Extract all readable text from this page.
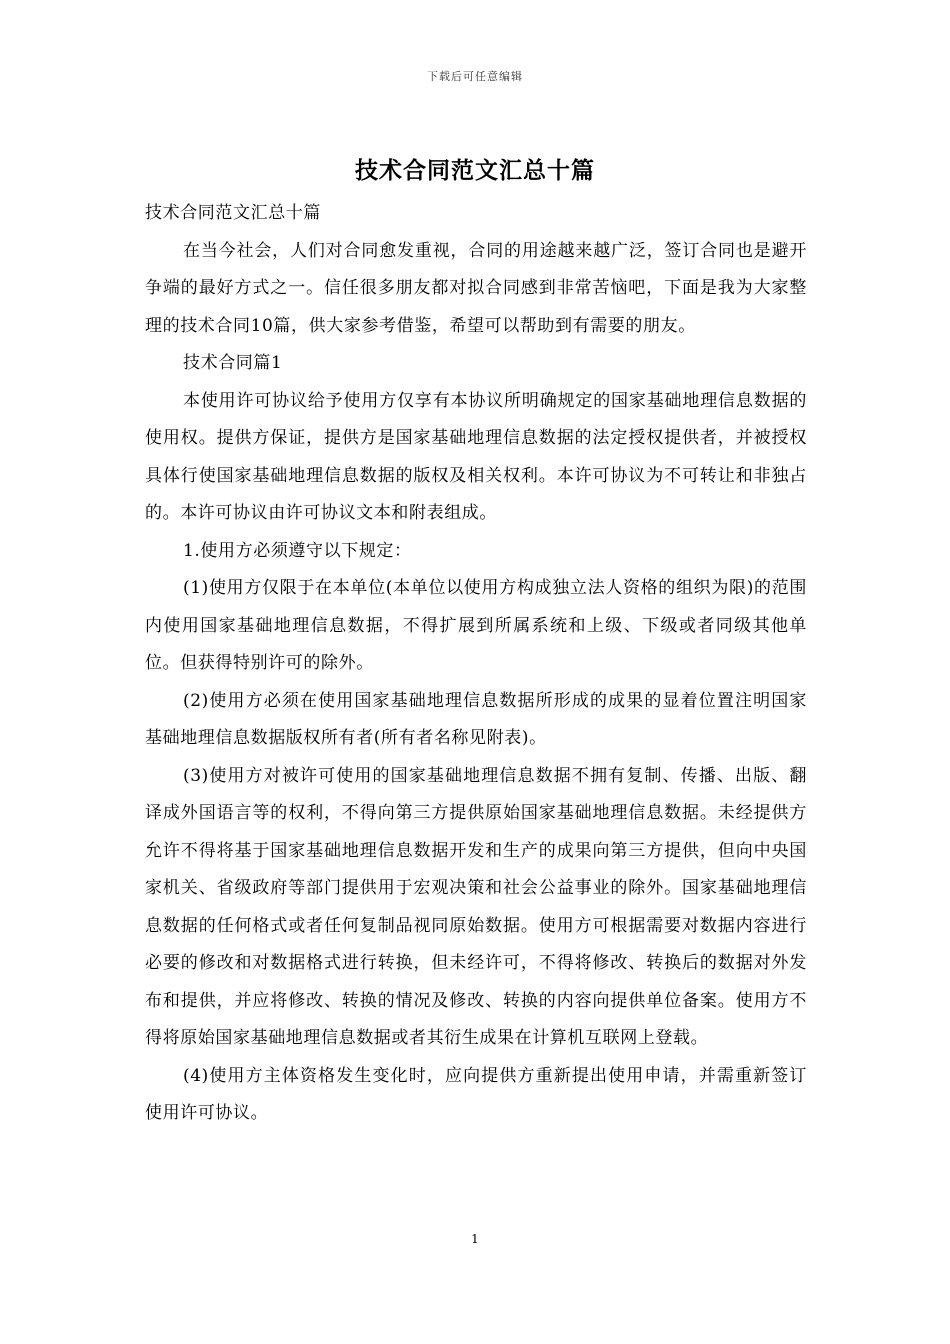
下载后可任意编辑
技术合同范文汇总十篇

技术合同范文汇总十篇

在当今社会，人们对合同愈发重视，合同的用途越来越广泛，签订合同也是避开争端的最好方式之一。信任很多朋友都对拟合同感到非常苦恼吧，下面是我为大家整理的技术合同10篇，供大家参考借鉴，希望可以帮助到有需要的朋友。

技术合同篇1

本使用许可协议给予使用方仅享有本协议所明确规定的国家基础地理信息数据的使用权。提供方保证，提供方是国家基础地理信息数据的法定授权提供者，并被授权具体行使国家基础地理信息数据的版权及相关权利。本许可协议为不可转让和非独占的。本许可协议由许可协议文本和附表组成。

1.使用方必须遵守以下规定：

(1)使用方仅限于在本单位(本单位以使用方构成独立法人资格的组织为限)的范围内使用国家基础地理信息数据，不得扩展到所属系统和上级、下级或者同级其他单位。但获得特别许可的除外。

(2)使用方必须在使用国家基础地理信息数据所形成的成果的显着位置注明国家基础地理信息数据版权所有者(所有者名称见附表)。

(3)使用方对被许可使用的国家基础地理信息数据不拥有复制、传播、出版、翻译成外国语言等的权利，不得向第三方提供原始国家基础地理信息数据。未经提供方允许不得将基于国家基础地理信息数据开发和生产的成果向第三方提供，但向中央国家机关、省级政府等部门提供用于宏观决策和社会公益事业的除外。国家基础地理信息数据的任何格式或者任何复制品视同原始数据。使用方可根据需要对数据内容进行必要的修改和对数据格式进行转换，但未经许可，不得将修改、转换后的数据对外发布和提供，并应将修改、转换的情况及修改、转换的内容向提供单位备案。使用方不得将原始国家基础地理信息数据或者其衍生成果在计算机互联网上登载。

(4)使用方主体资格发生变化时，应向提供方重新提出使用申请，并需重新签订使用许可协议。

1
